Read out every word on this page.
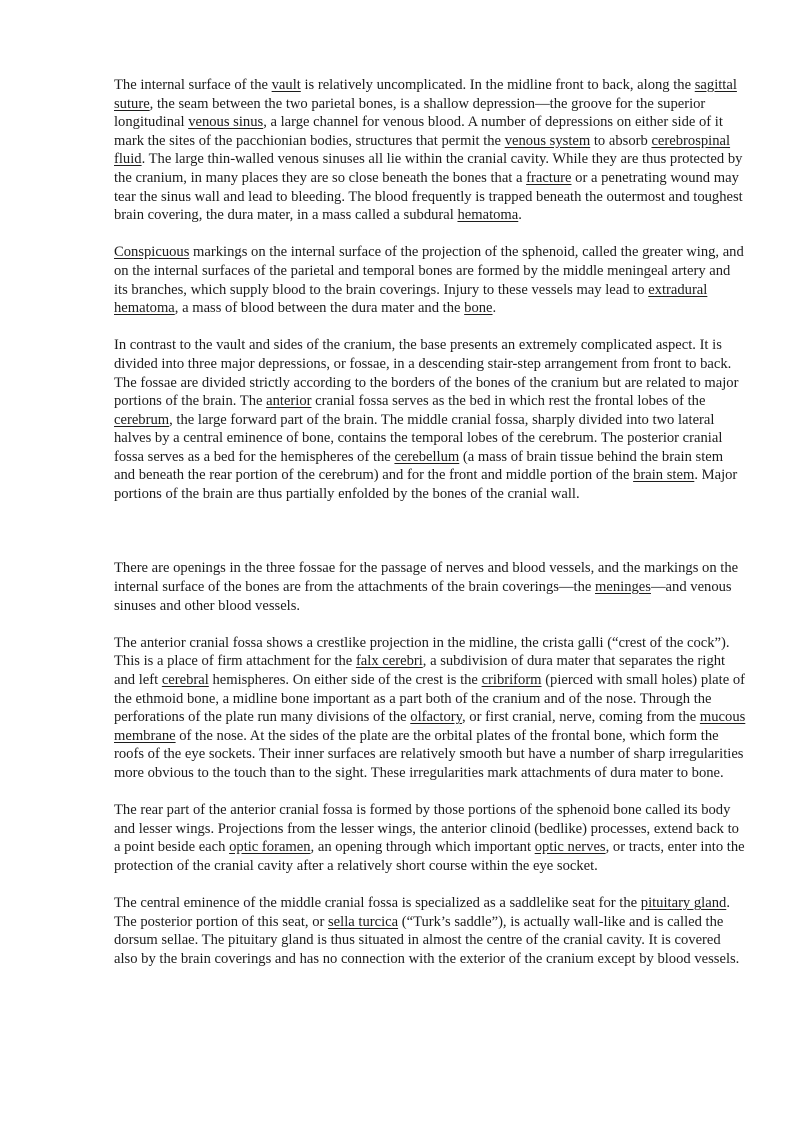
The internal surface of the vault is relatively uncomplicated. In the midline front to back, along the sagittal suture, the seam between the two parietal bones, is a shallow depression—the groove for the superior longitudinal venous sinus, a large channel for venous blood. A number of depressions on either side of it mark the sites of the pacchionian bodies, structures that permit the venous system to absorb cerebrospinal fluid. The large thin-walled venous sinuses all lie within the cranial cavity. While they are thus protected by the cranium, in many places they are so close beneath the bones that a fracture or a penetrating wound may tear the sinus wall and lead to bleeding. The blood frequently is trapped beneath the outermost and toughest brain covering, the dura mater, in a mass called a subdural hematoma.

Conspicuous markings on the internal surface of the projection of the sphenoid, called the greater wing, and on the internal surfaces of the parietal and temporal bones are formed by the middle meningeal artery and its branches, which supply blood to the brain coverings. Injury to these vessels may lead to extradural hematoma, a mass of blood between the dura mater and the bone.

In contrast to the vault and sides of the cranium, the base presents an extremely complicated aspect. It is divided into three major depressions, or fossae, in a descending stair-step arrangement from front to back. The fossae are divided strictly according to the borders of the bones of the cranium but are related to major portions of the brain. The anterior cranial fossa serves as the bed in which rest the frontal lobes of the cerebrum, the large forward part of the brain. The middle cranial fossa, sharply divided into two lateral halves by a central eminence of bone, contains the temporal lobes of the cerebrum. The posterior cranial fossa serves as a bed for the hemispheres of the cerebellum (a mass of brain tissue behind the brain stem and beneath the rear portion of the cerebrum) and for the front and middle portion of the brain stem. Major portions of the brain are thus partially enfolded by the bones of the cranial wall.

There are openings in the three fossae for the passage of nerves and blood vessels, and the markings on the internal surface of the bones are from the attachments of the brain coverings—the meninges—and venous sinuses and other blood vessels.

The anterior cranial fossa shows a crestlike projection in the midline, the crista galli (“crest of the cock”). This is a place of firm attachment for the falx cerebri, a subdivision of dura mater that separates the right and left cerebral hemispheres. On either side of the crest is the cribriform (pierced with small holes) plate of the ethmoid bone, a midline bone important as a part both of the cranium and of the nose. Through the perforations of the plate run many divisions of the olfactory, or first cranial, nerve, coming from the mucous membrane of the nose. At the sides of the plate are the orbital plates of the frontal bone, which form the roofs of the eye sockets. Their inner surfaces are relatively smooth but have a number of sharp irregularities more obvious to the touch than to the sight. These irregularities mark attachments of dura mater to bone.

The rear part of the anterior cranial fossa is formed by those portions of the sphenoid bone called its body and lesser wings. Projections from the lesser wings, the anterior clinoid (bedlike) processes, extend back to a point beside each optic foramen, an opening through which important optic nerves, or tracts, enter into the protection of the cranial cavity after a relatively short course within the eye socket.

The central eminence of the middle cranial fossa is specialized as a saddlelike seat for the pituitary gland. The posterior portion of this seat, or sella turcica (“Turk’s saddle”), is actually wall-like and is called the dorsum sellae. The pituitary gland is thus situated in almost the centre of the cranial cavity. It is covered also by the brain coverings and has no connection with the exterior of the cranium except by blood vessels.
